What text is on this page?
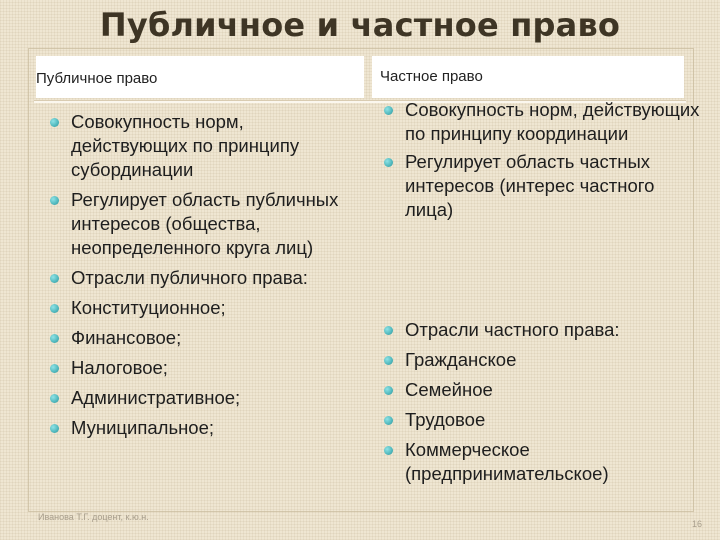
Публичное и частное право
Публичное право	Частное право
Совокупность норм, действующих по принципу субординации
Регулирует область публичных интересов (общества, неопределенного круга лиц)
Отрасли публичного права:
Конституционное;
Финансовое;
Налоговое;
Административное;
Муниципальное;
Совокупность норм, действующих по принципу координации
Регулирует область частных интересов (интерес частного лица)
Отрасли частного права:
Гражданское
Семейное
Трудовое
Коммерческое (предпринимательское)
Иванова Т.Г. доцент, к.ю.н.
16
